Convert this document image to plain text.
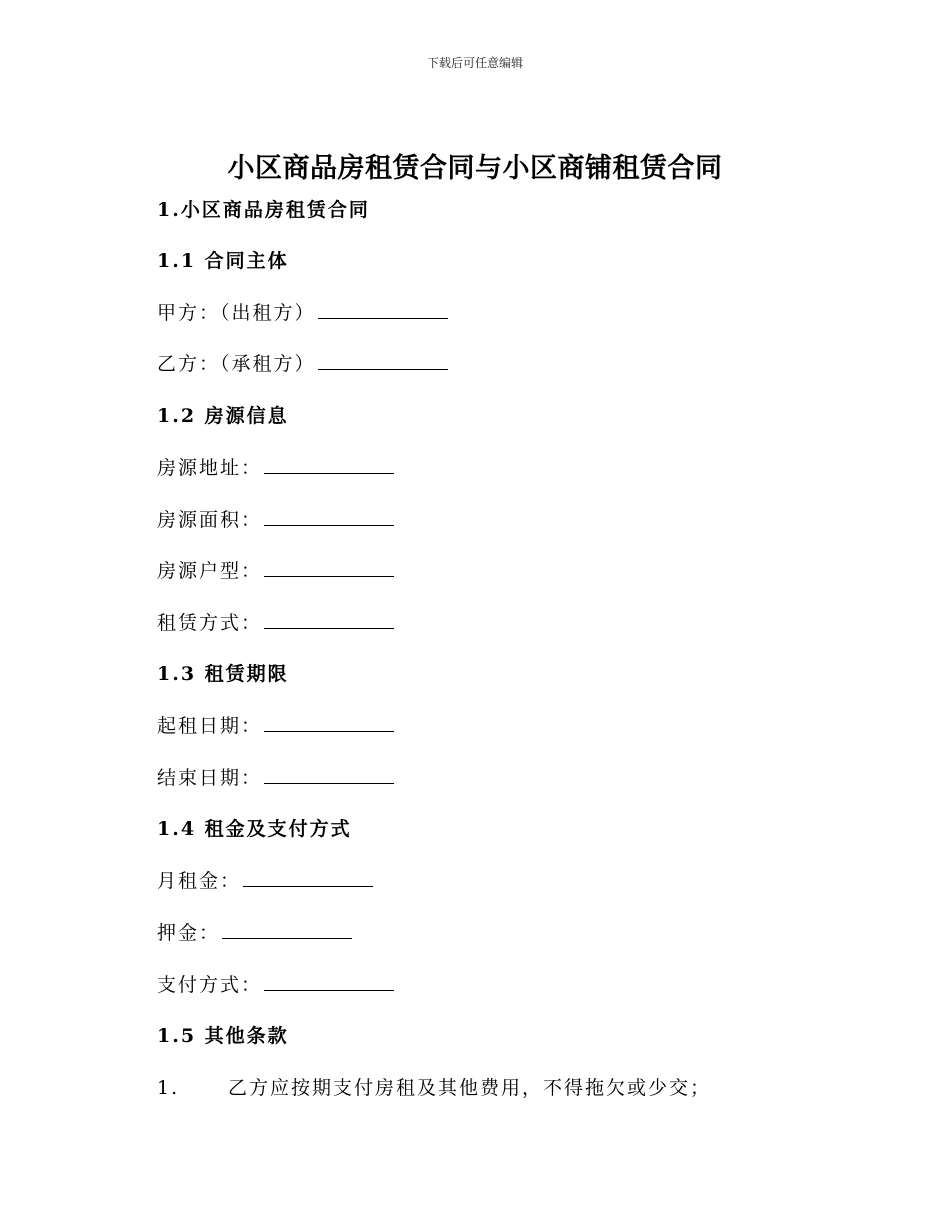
下载后可任意编辑
小区商品房租赁合同与小区商铺租赁合同
1.小区商品房租赁合同
1.1 合同主体
甲方：（出租方）
乙方：（承租方）
1.2 房源信息
房源地址：
房源面积：
房源户型：
租赁方式：
1.3 租赁期限
起租日期：
结束日期：
1.4 租金及支付方式
月租金：
押金：
支付方式：
1.5 其他条款
1.	乙方应按期支付房租及其他费用，不得拖欠或少交；
